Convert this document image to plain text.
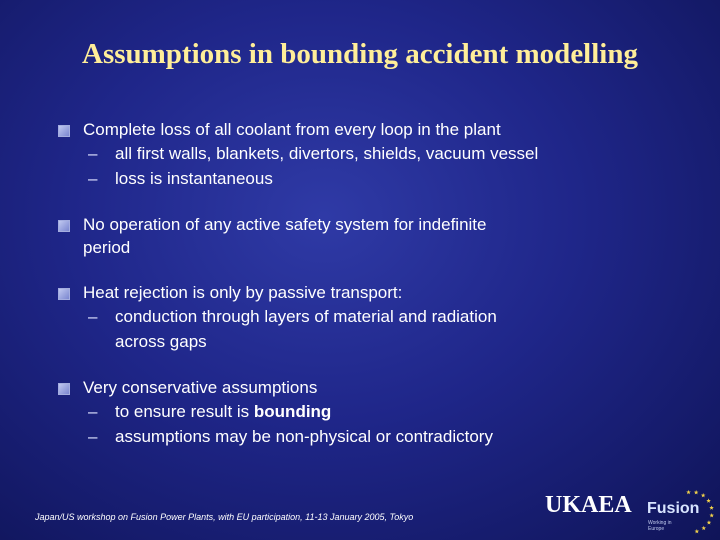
Assumptions in bounding accident modelling
Complete loss of all coolant from every loop in the plant
– all first walls, blankets, divertors, shields, vacuum vessel
– loss is instantaneous
No operation of any active safety system for indefinite
period
Heat rejection is only by passive transport:
– conduction through layers of material and radiation
across gaps
Very conservative assumptions
– to ensure result is bounding
– assumptions may be non-physical or contradictory
Japan/US workshop on Fusion Power Plants, with EU participation, 11-13 January 2005, Tokyo	UKAEA Fusion
Working in Europe
